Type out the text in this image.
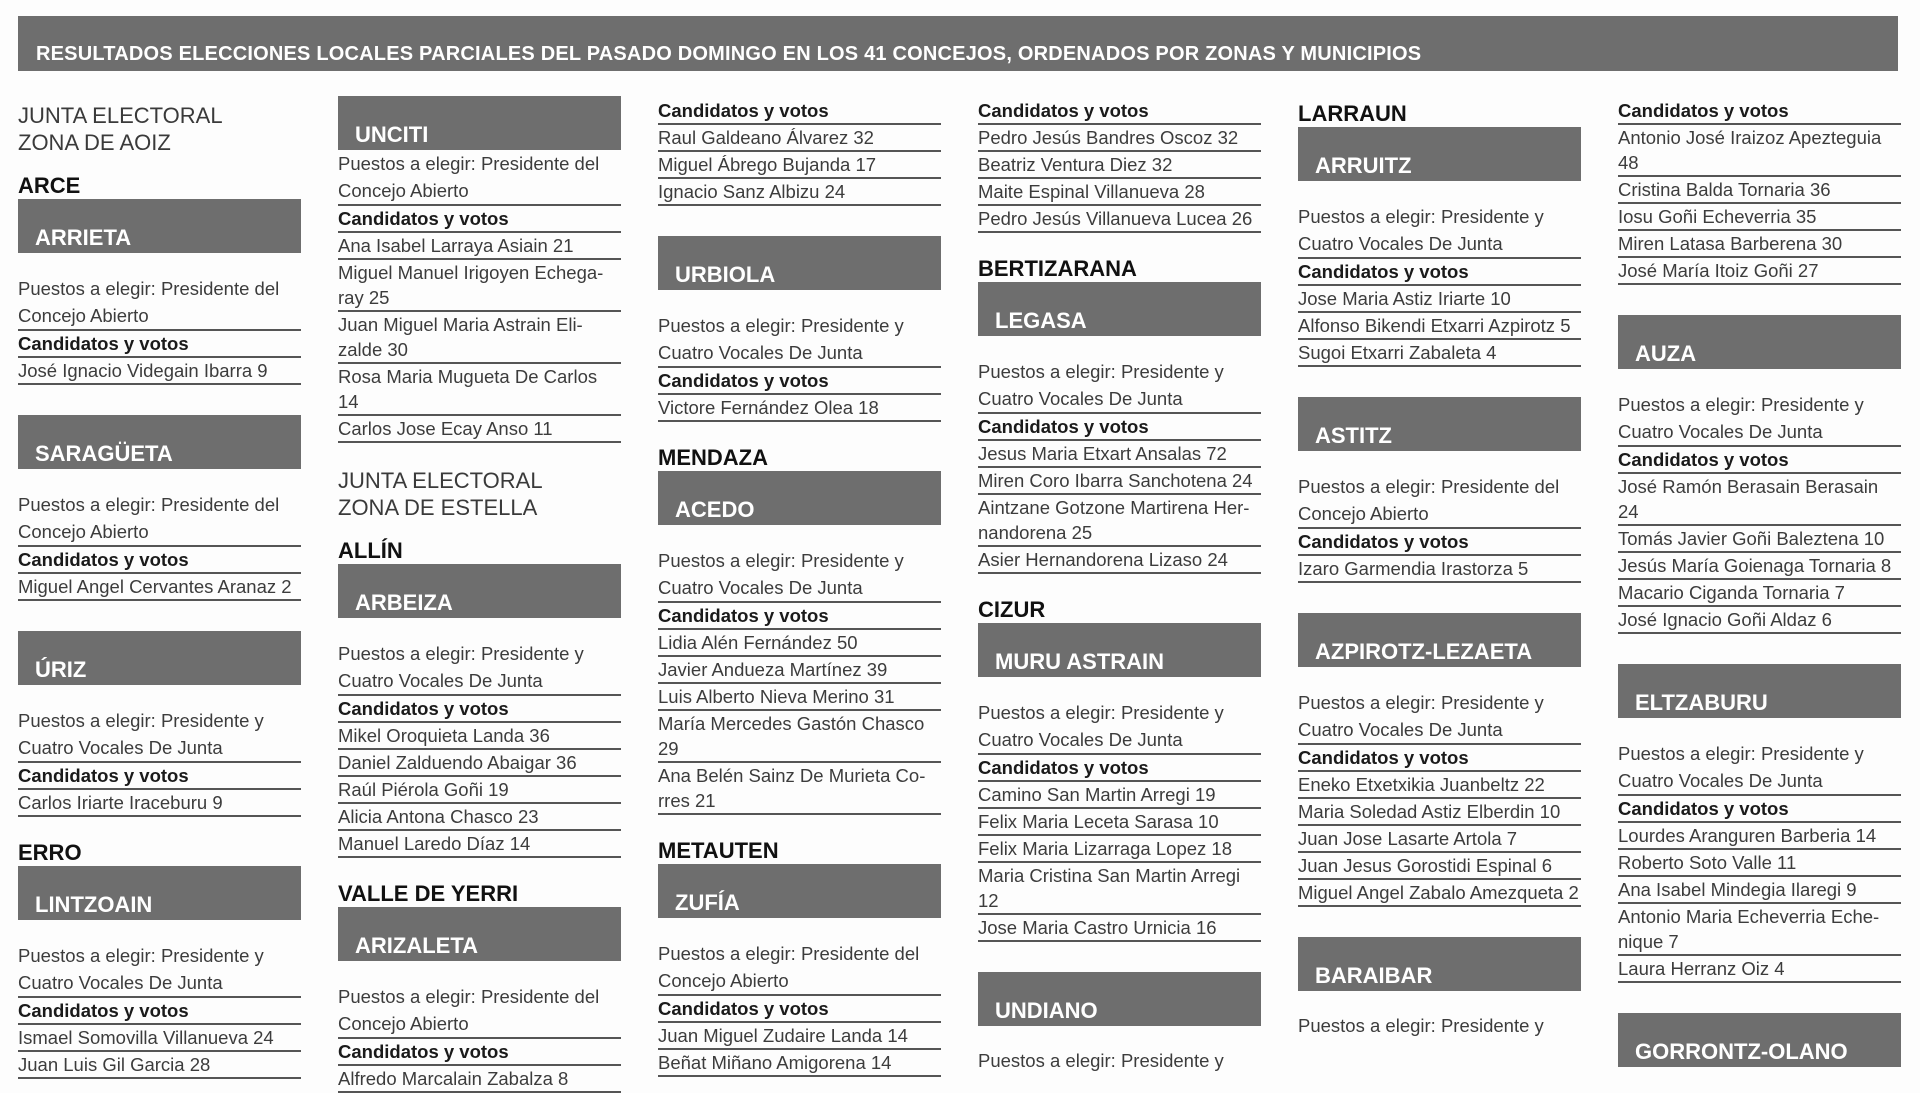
RESULTADOS ELECCIONES LOCALES PARCIALES DEL PASADO DOMINGO EN LOS 41 CONCEJOS, ORDENADOS POR ZONAS Y MUNICIPIOS
JUNTA ELECTORAL
ZONA DE AOIZ
ARCE
ARRIETA
Puestos a elegir: Presidente del Concejo Abierto
Candidatos y votos
José Ignacio Videgain Ibarra 9
SARAGÜETA
Puestos a elegir: Presidente del Concejo Abierto
Candidatos y votos
Miguel Angel Cervantes Aranaz 2
ÚRIZ
Puestos a elegir: Presidente y Cuatro Vocales De Junta
Candidatos y votos
Carlos Iriarte Iraceburu 9
ERRO
LINTZOAIN
Puestos a elegir: Presidente y Cuatro Vocales De Junta
Candidatos y votos
Ismael Somovilla Villanueva 24
Juan Luis Gil Garcia 28
UNCITI
Puestos a elegir: Presidente del Concejo Abierto
Candidatos y votos
Ana Isabel Larraya Asiain 21
Miguel Manuel Irigoyen Echega-ray 25
Juan Miguel Maria Astrain Eli-zalde 30
Rosa Maria Mugueta De Carlos 14
Carlos Jose Ecay Anso 11
JUNTA ELECTORAL
ZONA DE ESTELLA
ALLÍN
ARBEIZA
Puestos a elegir: Presidente y Cuatro Vocales De Junta
Candidatos y votos
Mikel Oroquieta Landa 36
Daniel Zalduendo Abaigar 36
Raúl Piérola Goñi 19
Alicia Antona Chasco 23
Manuel Laredo Díaz 14
VALLE DE YERRI
ARIZALETA
Puestos a elegir: Presidente del Concejo Abierto
Candidatos y votos
Alfredo Marcalain Zabalza 8
Candidatos y votos
Raul Galdeano Álvarez 32
Miguel Ábrego Bujanda 17
Ignacio Sanz Albizu 24
URBIOLA
Puestos a elegir: Presidente y Cuatro Vocales De Junta
Candidatos y votos
Victore Fernández Olea 18
MENDAZA
ACEDO
Puestos a elegir: Presidente y Cuatro Vocales De Junta
Candidatos y votos
Lidia Alén Fernández 50
Javier Andueza Martínez 39
Luis Alberto Nieva Merino 31
María Mercedes Gastón Chasco 29
Ana Belén Sainz De Murieta Co-rres 21
METAUTEN
ZUFÍA
Puestos a elegir: Presidente del Concejo Abierto
Candidatos y votos
Juan Miguel Zudaire Landa 14
Beñat Miñano Amigorena 14
Candidatos y votos
Pedro Jesús Bandres Oscoz 32
Beatriz Ventura Diez 32
Maite Espinal Villanueva 28
Pedro Jesús Villanueva Lucea 26
BERTIZARANA
LEGASA
Puestos a elegir: Presidente y Cuatro Vocales De Junta
Candidatos y votos
Jesus Maria Etxart Ansalas 72
Miren Coro Ibarra Sanchotena 24
Aintzane Gotzone Martirena Her-nandorena 25
Asier Hernandorena Lizaso 24
CIZUR
MURU ASTRAIN
Puestos a elegir: Presidente y Cuatro Vocales De Junta
Candidatos y votos
Camino San Martin Arregi 19
Felix Maria Leceta Sarasa 10
Felix Maria Lizarraga Lopez 18
Maria Cristina San Martin Arregi 12
Jose Maria Castro Urnicia 16
UNDIANO
Puestos a elegir: Presidente y
LARRAUN
ARRUITZ
Puestos a elegir: Presidente y Cuatro Vocales De Junta
Candidatos y votos
Jose Maria Astiz Iriarte 10
Alfonso Bikendi Etxarri Azpirotz 5
Sugoi Etxarri Zabaleta 4
ASTITZ
Puestos a elegir: Presidente del Concejo Abierto
Candidatos y votos
Izaro Garmendia Irastorza 5
AZPIROTZ-LEZAETA
Puestos a elegir: Presidente y Cuatro Vocales De Junta
Candidatos y votos
Eneko Etxetxikia Juanbeltz 22
Maria Soledad Astiz Elberdin 10
Juan Jose Lasarte Artola 7
Juan Jesus Gorostidi Espinal 6
Miguel Angel Zabalo Amezqueta 2
BARAIBAR
Puestos a elegir: Presidente y
Candidatos y votos
Antonio José Iraizoz Apezteguia 48
Cristina Balda Tornaria 36
Iosu Goñi Echeverria 35
Miren Latasa Barberena 30
José María Itoiz Goñi 27
AUZA
Puestos a elegir: Presidente y Cuatro Vocales De Junta
Candidatos y votos
José Ramón Berasain Berasain 24
Tomás Javier Goñi Baleztena 10
Jesús María Goienaga Tornaria 8
Macario Ciganda Tornaria 7
José Ignacio Goñi Aldaz 6
ELTZABURU
Puestos a elegir: Presidente y Cuatro Vocales De Junta
Candidatos y votos
Lourdes Aranguren Barberia 14
Roberto Soto Valle 11
Ana Isabel Mindegia Ilaregi 9
Antonio Maria Echeverria Eche-nique 7
Laura Herranz Oiz 4
GORRONTZ-OLANO
